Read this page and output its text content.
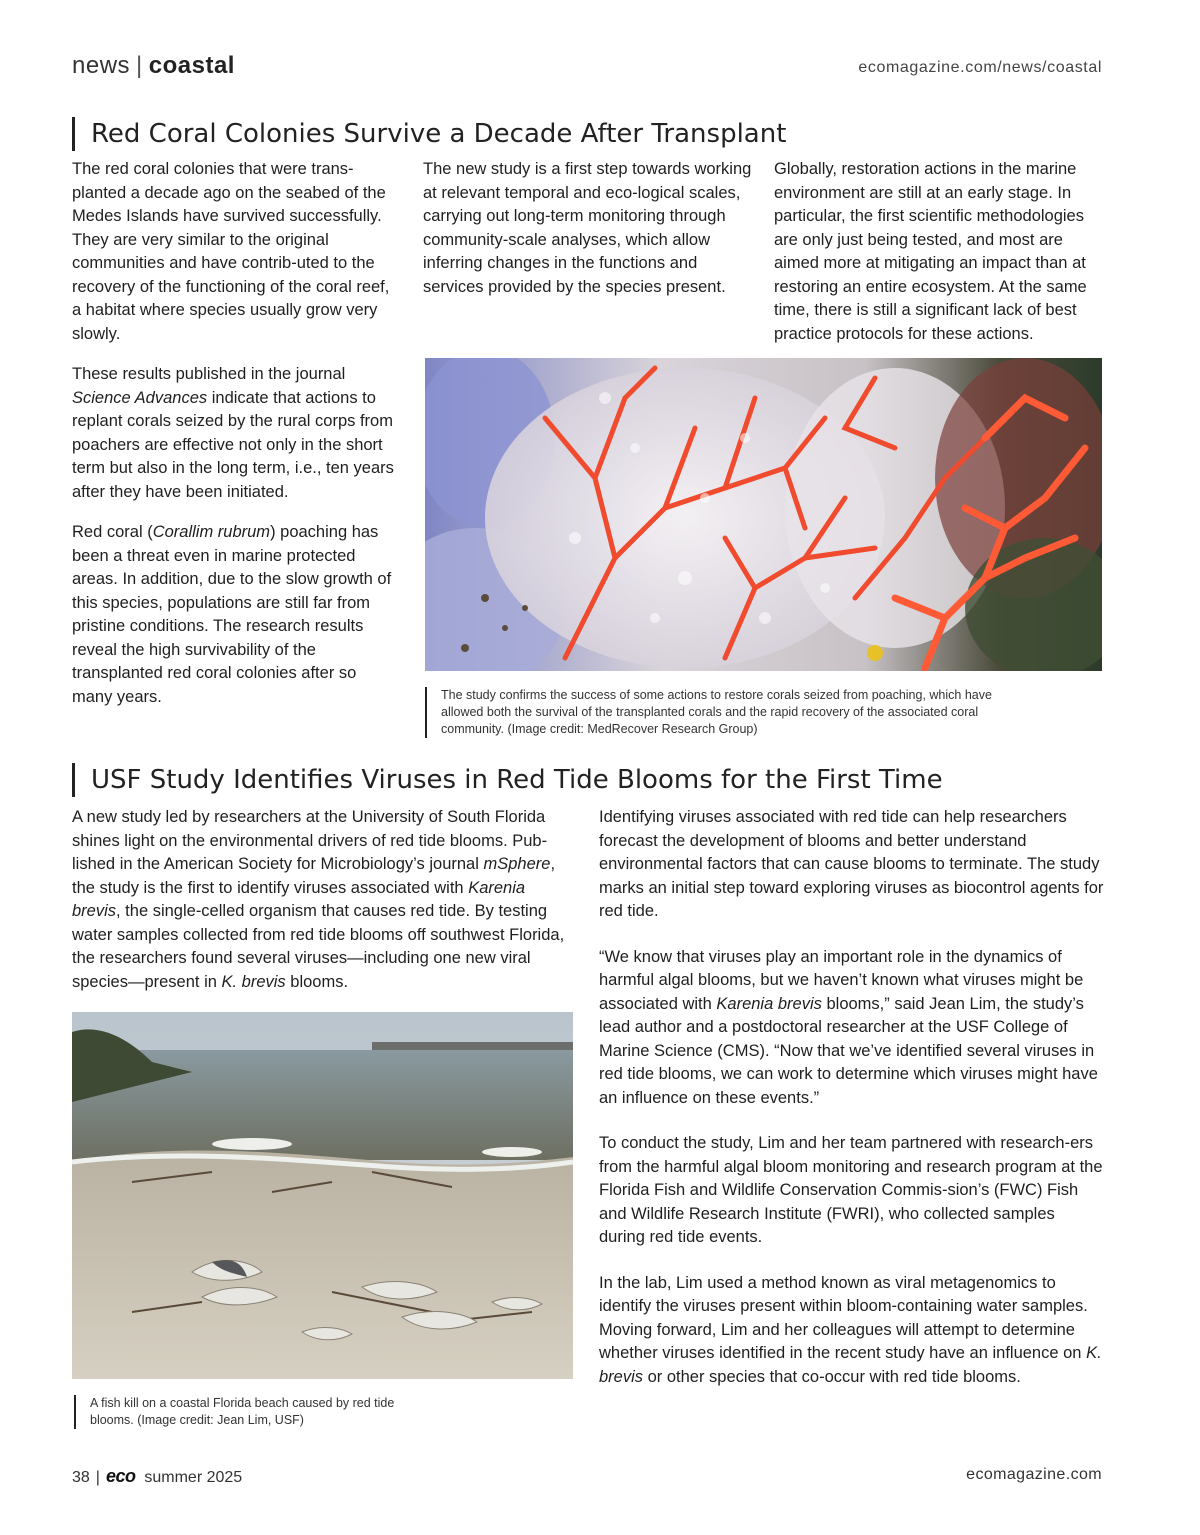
news | coastal	ecomagazine.com/news/coastal
Red Coral Colonies Survive a Decade After Transplant

The red coral colonies that were trans-planted a decade ago on the seabed of the Medes Islands have survived successfully. They are very similar to the original communities and have contrib-uted to the recovery of the functioning of the coral reef, a habitat where species usually grow very slowly.

These results published in the journal Science Advances indicate that actions to replant corals seized by the rural corps from poachers are effective not only in the short term but also in the long term, i.e., ten years after they have been initiated.

Red coral (Corallim rubrum) poaching has been a threat even in marine protected areas. In addition, due to the slow growth of this species, populations are still far from pristine conditions. The research results reveal the high survivability of the transplanted red coral colonies after so many years.

The new study is a first step towards working at relevant temporal and eco-logical scales, carrying out long-term monitoring through community-scale analyses, which allow inferring changes in the functions and services provided by the species present.

Globally, restoration actions in the marine environment are still at an early stage. In particular, the first scientific methodologies are only just being tested, and most are aimed more at mitigating an impact than at restoring an entire ecosystem. At the same time, there is still a significant lack of best practice protocols for these actions.

The study confirms the success of some actions to restore corals seized from poaching, which have allowed both the survival of the transplanted corals and the rapid recovery of the associated coral community. (Image credit: MedRecover Research Group)
USF Study Identifies Viruses in Red Tide Blooms for the First Time

A new study led by researchers at the University of South Florida shines light on the environmental drivers of red tide blooms. Pub-lished in the American Society for Microbiology’s journal mSphere, the study is the first to identify viruses associated with Karenia brevis, the single-celled organism that causes red tide. By testing water samples collected from red tide blooms off southwest Florida, the researchers found several viruses—including one new viral species—present in K. brevis blooms.

A fish kill on a coastal Florida beach caused by red tide blooms. (Image credit: Jean Lim, USF)

Identifying viruses associated with red tide can help researchers forecast the development of blooms and better understand environmental factors that can cause blooms to terminate. The study marks an initial step toward exploring viruses as biocontrol agents for red tide.

“We know that viruses play an important role in the dynamics of harmful algal blooms, but we haven’t known what viruses might be associated with Karenia brevis blooms,” said Jean Lim, the study’s lead author and a postdoctoral researcher at the USF College of Marine Science (CMS). “Now that we’ve identified several viruses in red tide blooms, we can work to determine which viruses might have an influence on these events.”

To conduct the study, Lim and her team partnered with research-ers from the harmful algal bloom monitoring and research program at the Florida Fish and Wildlife Conservation Commis-sion’s (FWC) Fish and Wildlife Research Institute (FWRI), who collected samples during red tide events.

In the lab, Lim used a method known as viral metagenomics to identify the viruses present within bloom-containing water samples. Moving forward, Lim and her colleagues will attempt to determine whether viruses identified in the recent study have an influence on K. brevis or other species that co-occur with red tide blooms.

38 | eco summer 2025	ecomagazine.com
